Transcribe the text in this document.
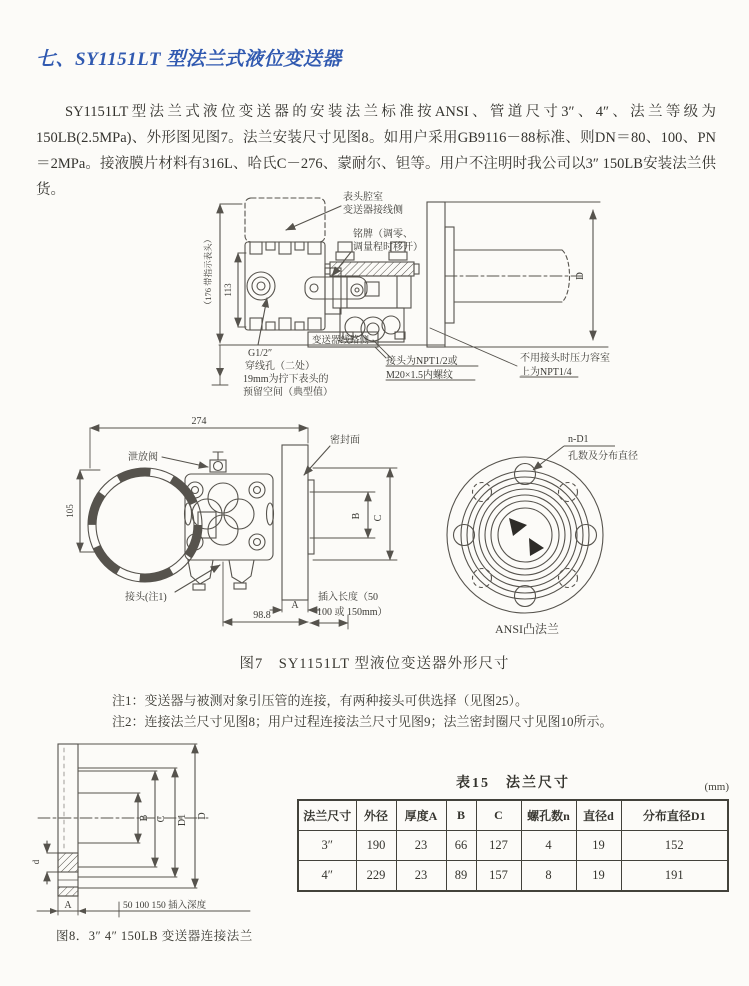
七、SY1151LT 型法兰式液位变送器

SY1151LT型法兰式液位变送器的安装法兰标准按ANSI、管道尺寸3″、4″、法兰等级为150LB(2.5MPa)、外形图见图7。法兰安装尺寸见图8。如用户采用GB9116－88标准、则DN＝80、100、PN＝2MPa。接液膜片材料有316L、哈氏C－276、蒙耐尔、钽等。用户不注明时我公司以3″ 150LB安装法兰供货。

（176 带指示表头） 113
表头腔室
变送器接线侧
铭牌（调零、
调量程时移开）
变送器线路侧
G1/2″
穿线孔（二处）
19mm为拧下表头的
预留空间（典型值）
接头为NPT1/2或
M20×1.5内螺纹
不用接头时压力容室
上为NPT1/4
D
274
泄放阀
密封面
105	B C
A
接头(注1)
98.8
插入长度（50
100 或 150mm）
n-D1
孔数及分布直径
ANSI凸法兰
图7　SY1151LT 型液位变送器外形尺寸
注1：变送器与被测对象引压管的连接，有两种接头可供选择（见图25）。
注2：连接法兰尺寸见图8；用户过程连接法兰尺寸见图9；法兰密封圈尺寸见图10所示。
B C D1 D
d
A	50 100 150 插入深度
图8．3″ 4″ 150LB 变送器连接法兰
表15　法兰尺寸	(mm)
法兰尺寸	外径	厚度A	B	C	螺孔数n	直径d	分布直径D1
3″	190	23	66	127	4	19	152
4″	229	23	89	157	8	19	191
